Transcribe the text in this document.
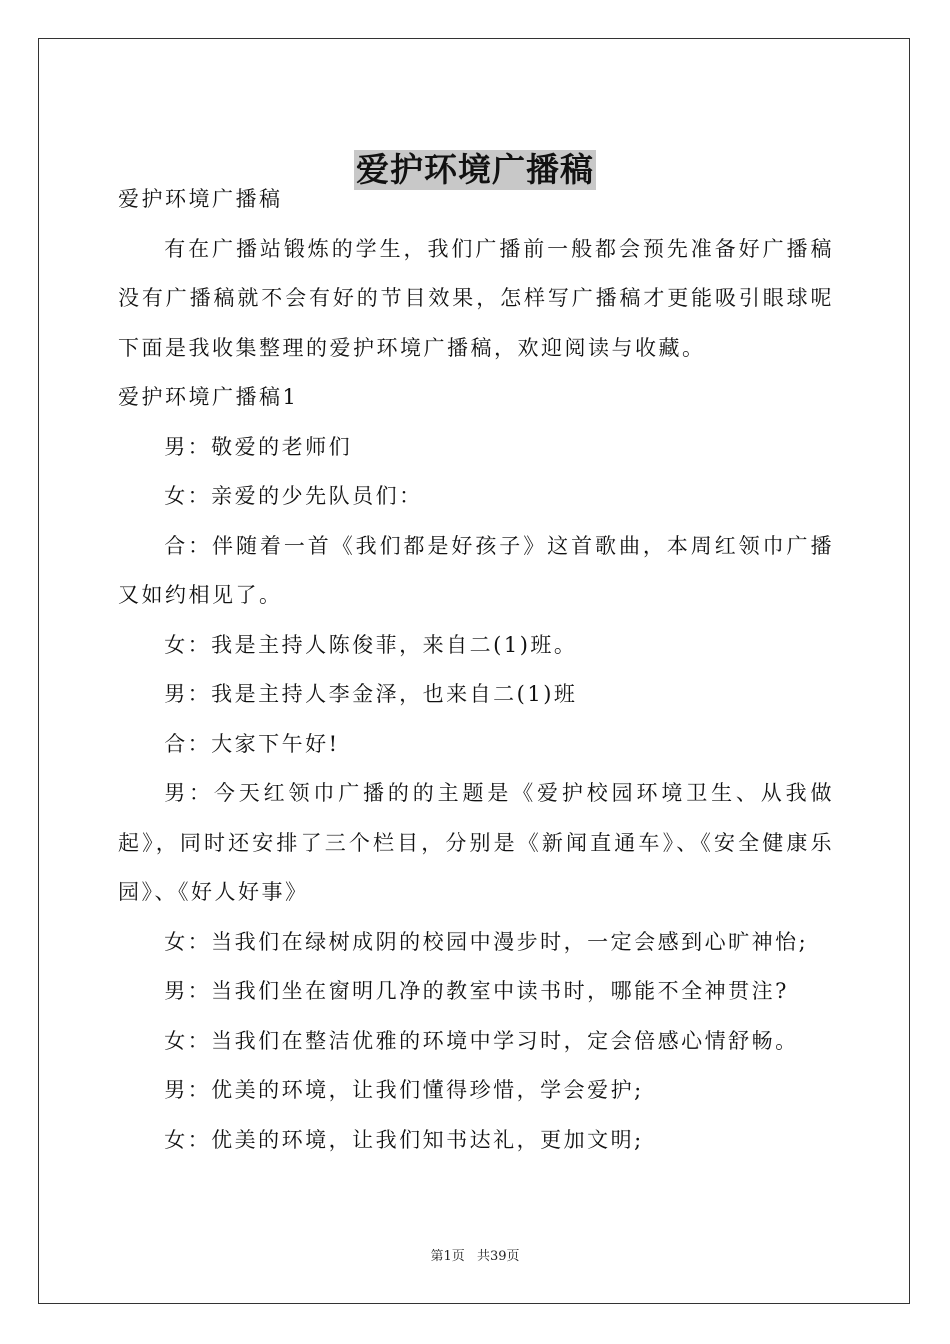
爱护环境广播稿

爱护环境广播稿

有在广播站锻炼的学生，我们广播前一般都会预先准备好广播稿没有广播稿就不会有好的节目效果，怎样写广播稿才更能吸引眼球呢下面是我收集整理的爱护环境广播稿，欢迎阅读与收藏。

爱护环境广播稿1

男：敬爱的老师们

女：亲爱的少先队员们：

合：伴随着一首《我们都是好孩子》这首歌曲，本周红领巾广播又如约相见了。

女：我是主持人陈俊菲，来自二(1)班。

男：我是主持人李金泽，也来自二(1)班

合：大家下午好!

男：今天红领巾广播的的主题是《爱护校园环境卫生、从我做起》，同时还安排了三个栏目，分别是《新闻直通车》、《安全健康乐园》、《好人好事》

女：当我们在绿树成阴的校园中漫步时，一定会感到心旷神怡;

男：当我们坐在窗明几净的教室中读书时，哪能不全神贯注?

女：当我们在整洁优雅的环境中学习时，定会倍感心情舒畅。

男：优美的环境，让我们懂得珍惜，学会爱护;

女：优美的环境，让我们知书达礼，更加文明;

第1页 共39页
